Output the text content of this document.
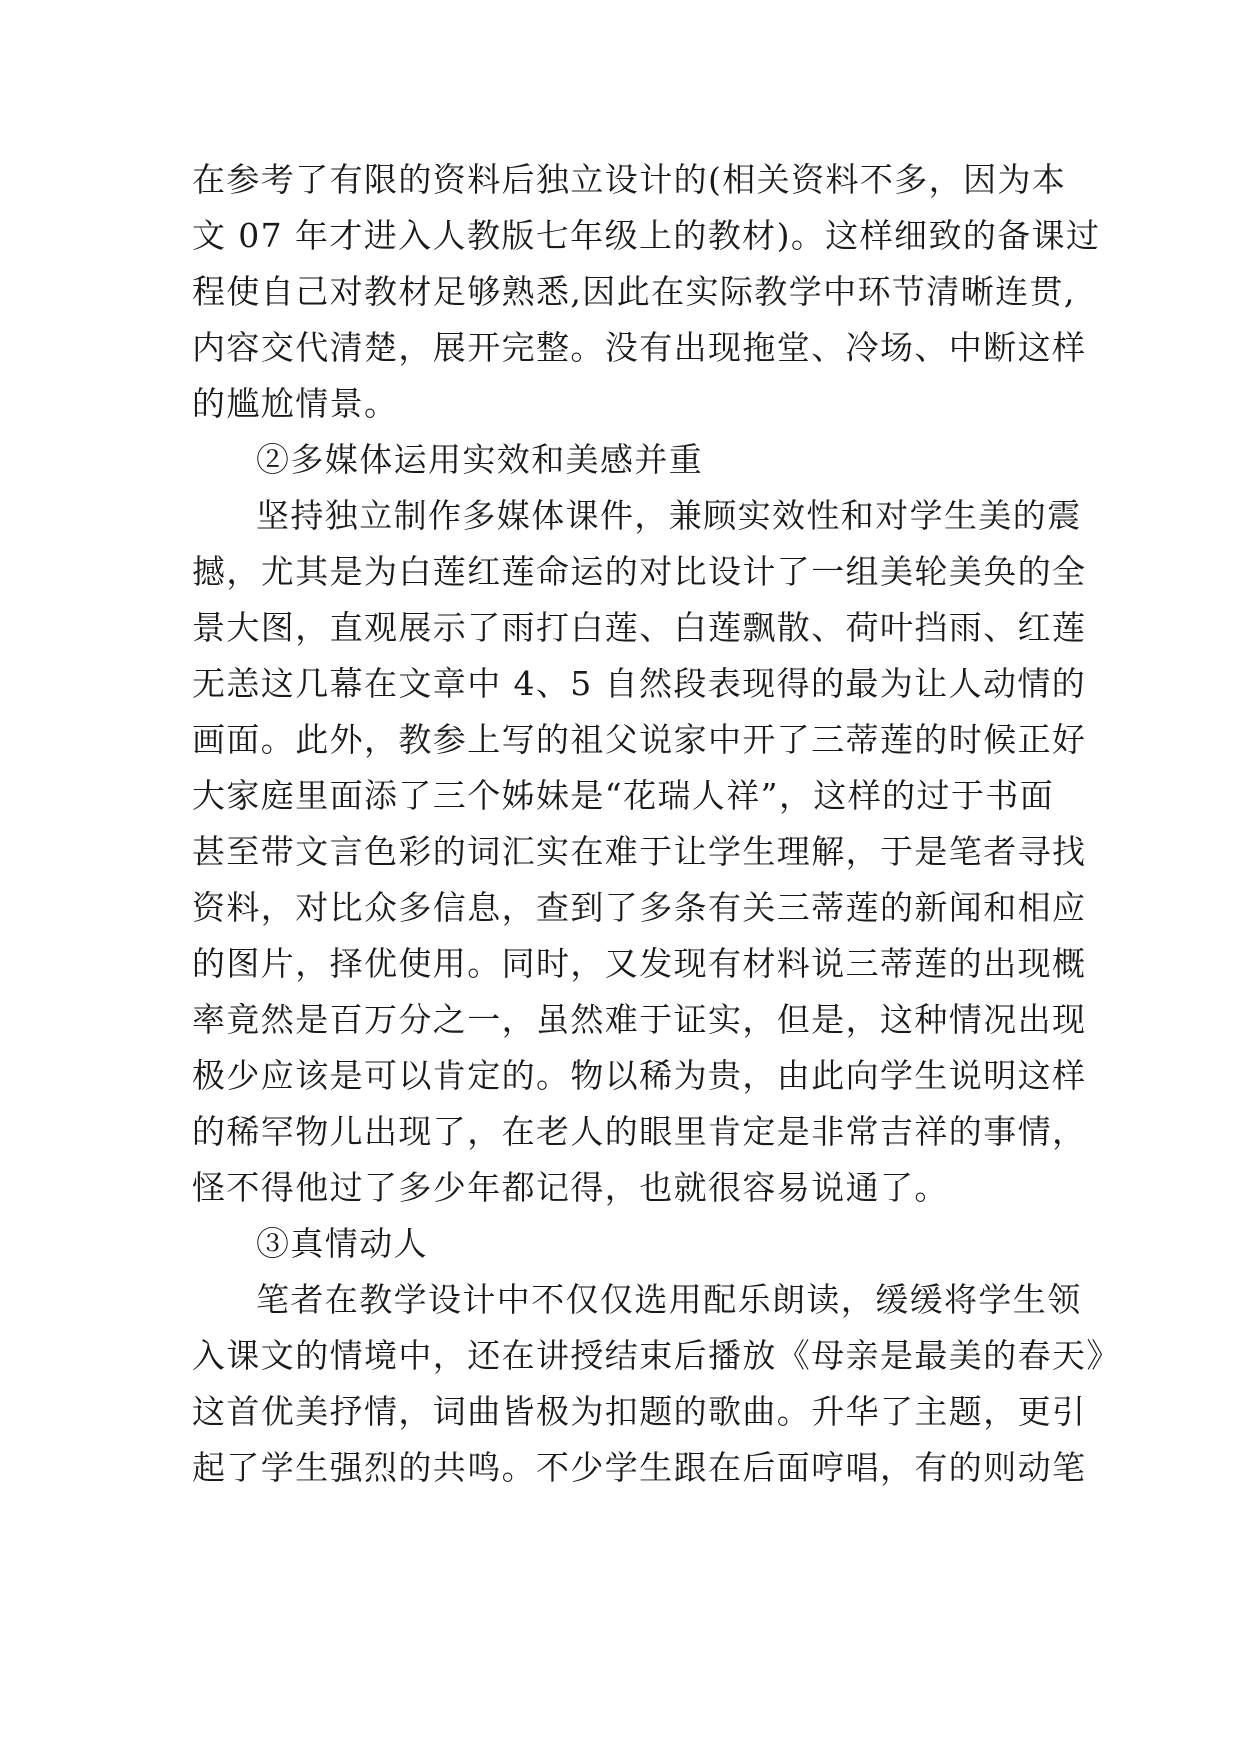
在参考了有限的资料后独立设计的(相关资料不多，因为本
文 07 年才进入人教版七年级上的教材)。这样细致的备课过
程使自己对教材足够熟悉,因此在实际教学中环节清晰连贯,
内容交代清楚，展开完整。没有出现拖堂、冷场、中断这样
的尴尬情景。
②多媒体运用实效和美感并重
坚持独立制作多媒体课件，兼顾实效性和对学生美的震
撼，尤其是为白莲红莲命运的对比设计了一组美轮美奂的全
景大图，直观展示了雨打白莲、白莲飘散、荷叶挡雨、红莲
无恙这几幕在文章中 4、5 自然段表现得的最为让人动情的
画面。此外，教参上写的祖父说家中开了三蒂莲的时候正好
大家庭里面添了三个姊妹是“花瑞人祥”，这样的过于书面
甚至带文言色彩的词汇实在难于让学生理解，于是笔者寻找
资料，对比众多信息，查到了多条有关三蒂莲的新闻和相应
的图片，择优使用。同时，又发现有材料说三蒂莲的出现概
率竟然是百万分之一，虽然难于证实，但是，这种情况出现
极少应该是可以肯定的。物以稀为贵，由此向学生说明这样
的稀罕物儿出现了，在老人的眼里肯定是非常吉祥的事情，
怪不得他过了多少年都记得，也就很容易说通了。
③真情动人
笔者在教学设计中不仅仅选用配乐朗读，缓缓将学生领
入课文的情境中，还在讲授结束后播放《母亲是最美的春天》
这首优美抒情，词曲皆极为扣题的歌曲。升华了主题，更引
起了学生强烈的共鸣。不少学生跟在后面哼唱，有的则动笔
